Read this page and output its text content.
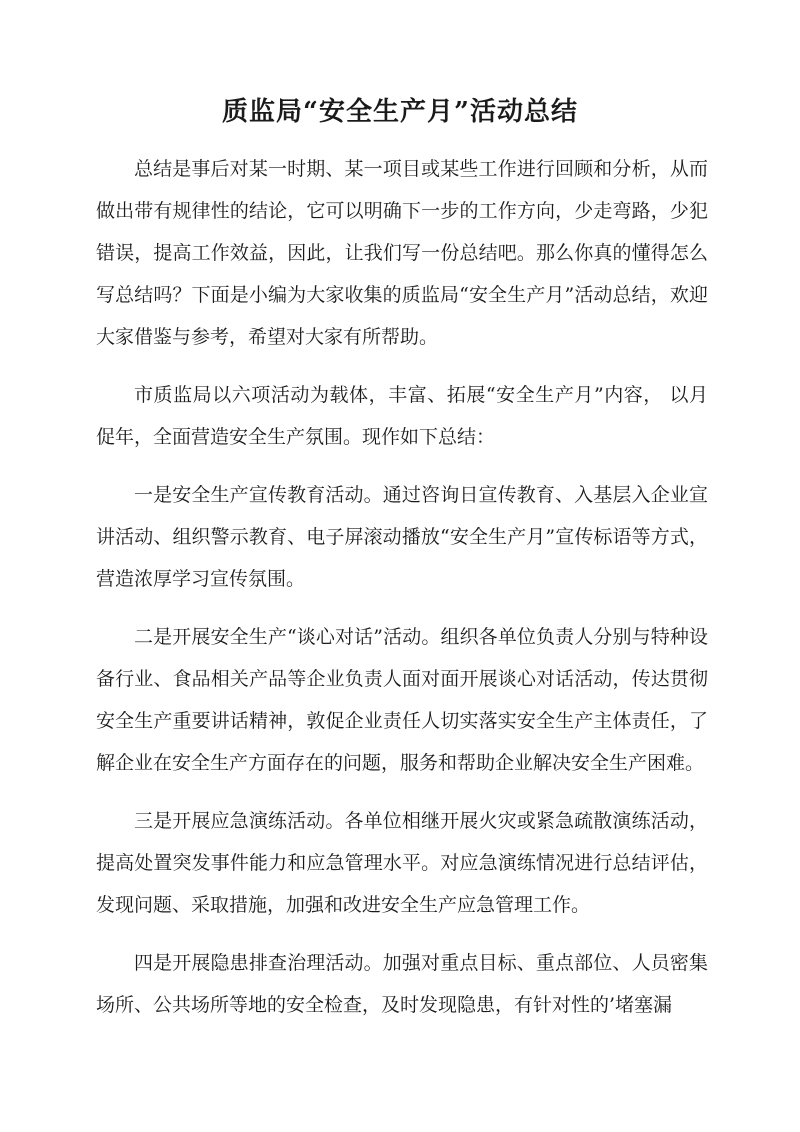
质监局“安全生产月”活动总结

总结是事后对某一时期、某一项目或某些工作进行回顾和分析，从而做出带有规律性的结论，它可以明确下一步的工作方向，少走弯路，少犯错误，提高工作效益，因此，让我们写一份总结吧。那么你真的懂得怎么写总结吗？下面是小编为大家收集的质监局“安全生产月”活动总结，欢迎大家借鉴与参考，希望对大家有所帮助。

市质监局以六项活动为载体，丰富、拓展“安全生产月”内容， 以月促年，全面营造安全生产氛围。现作如下总结：

一是安全生产宣传教育活动。通过咨询日宣传教育、入基层入企业宣讲活动、组织警示教育、电子屏滚动播放“安全生产月”宣传标语等方式，营造浓厚学习宣传氛围。

二是开展安全生产“谈心对话”活动。组织各单位负责人分别与特种设备行业、食品相关产品等企业负责人面对面开展谈心对话活动，传达贯彻安全生产重要讲话精神，敦促企业责任人切实落实安全生产主体责任，了解企业在安全生产方面存在的问题，服务和帮助企业解决安全生产困难。

三是开展应急演练活动。各单位相继开展火灾或紧急疏散演练活动，提高处置突发事件能力和应急管理水平。对应急演练情况进行总结评估，发现问题、采取措施，加强和改进安全生产应急管理工作。

四是开展隐患排查治理活动。加强对重点目标、重点部位、人员密集场所、公共场所等地的安全检查，及时发现隐患，有针对性的’堵塞漏
